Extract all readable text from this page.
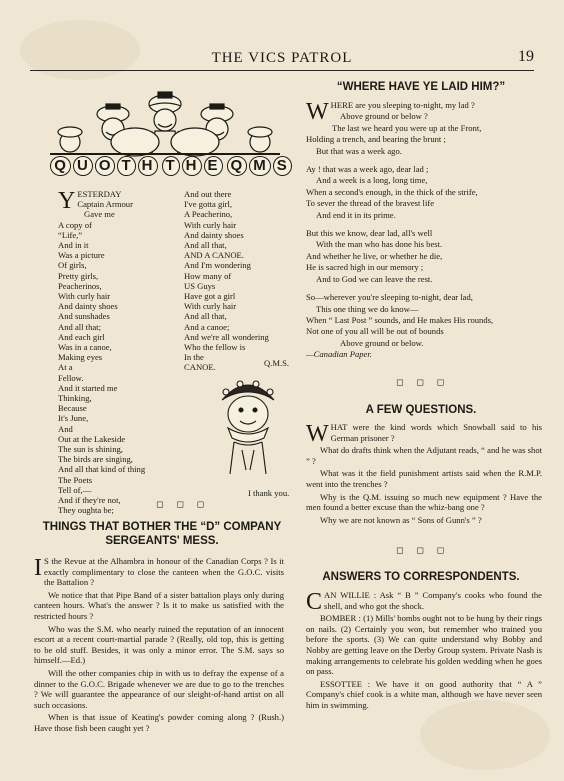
THE VICS PATROL	19
Q U O T H T H E Q M S
Y ESTERDAY
Captain Armour
Gave me
A copy of
“Life,”
And in it
Was a picture
Of girls,
Pretty girls,
Peacherinos,
With curly hair
And dainty shoes
And sunshades
And all that;
And each girl
Was in a canoe,
Making eyes
At a
Fellow.
And it started me
Thinking,
Because
It's June,
And
Out at the Lakeside
The sun is shining,
The birds are singing,
And all that kind of thing
The Poets
Tell of,—
And if they're not,
They oughta be;
And out there
I've gotta girl,
A Peacherino,
With curly hair
And dainty shoes
And all that,
AND A CANOE.
And I'm wondering
How many of
US Guys
Have got a girl
With curly hair
And all that,
And a canoe;
And we're all wondering
Who the fellow is
In the
CANOE.	Q.M.S.
I thank you.
◻ ◻ ◻
THINGS THAT BOTHER THE “D” COMPANY SERGEANTS' MESS.

I S the Revue at the Alhambra in honour of the Canadian Corps ? Is it exactly complimentary to close the canteen when the G.O.C. visits the Battalion ?

We notice that that Pipe Band of a sister battalion plays only during canteen hours. What's the answer ? Is it to make us satisfied with the restricted hours ?

Who was the S.M. who nearly ruined the reputation of an innocent escort at a recent court-martial parade ? (Really, old top, this is getting to be old stuff. Besides, it was only a minor error. The S.M. says so himself.—Ed.)

Will the other companies chip in with us to defray the expense of a dinner to the G.O.C. Brigade whenever we are due to go to the trenches ? We will guarantee the appearance of our sleight-of-hand artist on all such occasions.

When is that issue of Keating's powder coming along ? (Rush.) Have those fish been caught yet ?

“WHERE HAVE YE LAID HIM?”
W HERE are you sleeping to-night, my lad ?
Above ground or below ?
The last we heard you were up at the Front,
Holding a trench, and bearing the brunt ;
But that was a week ago.
Ay ! that was a week ago, dear lad ;
And a week is a long, long time,
When a second's enough, in the thick of the strife,
To sever the thread of the bravest life
And end it in its prime.
But this we know, dear lad, all's well
With the man who has done his best.
And whether he live, or whether he die,
He is sacred high in our memory ;
And to God we can leave the rest.
So—wherever you're sleeping to-night, dear lad,
This one thing we do know—
When “ Last Post ” sounds, and He makes His rounds,
Not one of you all will be out of bounds
Above ground or below.
—Canadian Paper.
◻ ◻ ◻
A FEW QUESTIONS.

WHAT were the kind words which Snowball said to his German prisoner ?

What do drafts think when the Adjutant reads, “ and he was shot ” ?

What was it the field punishment artists said when the R.M.P. went into the trenches ?

Why is the Q.M. issuing so much new equipment ? Have the men found a better excuse than the whiz-bang one ?

Why we are not known as “ Sons of Gunn's ” ?

◻ ◻ ◻
ANSWERS TO CORRESPONDENTS.

CAN WILLIE : Ask “ B ” Company's cooks who found the shell, and who got the shock.

BOMBER : (1) Mills' bombs ought not to be hung by their rings on nails. (2) Certainly you won, but remember who trained you before the sports. (3) We can quite understand why Bobby and Nobby are getting leave on the Derby Group system. Private Nash is making arrangements to celebrate his golden wedding when he goes on pass.

ESSOTTEE : We have it on good authority that “ A ” Company's chief cook is a white man, although we have never seen him in swimming.
